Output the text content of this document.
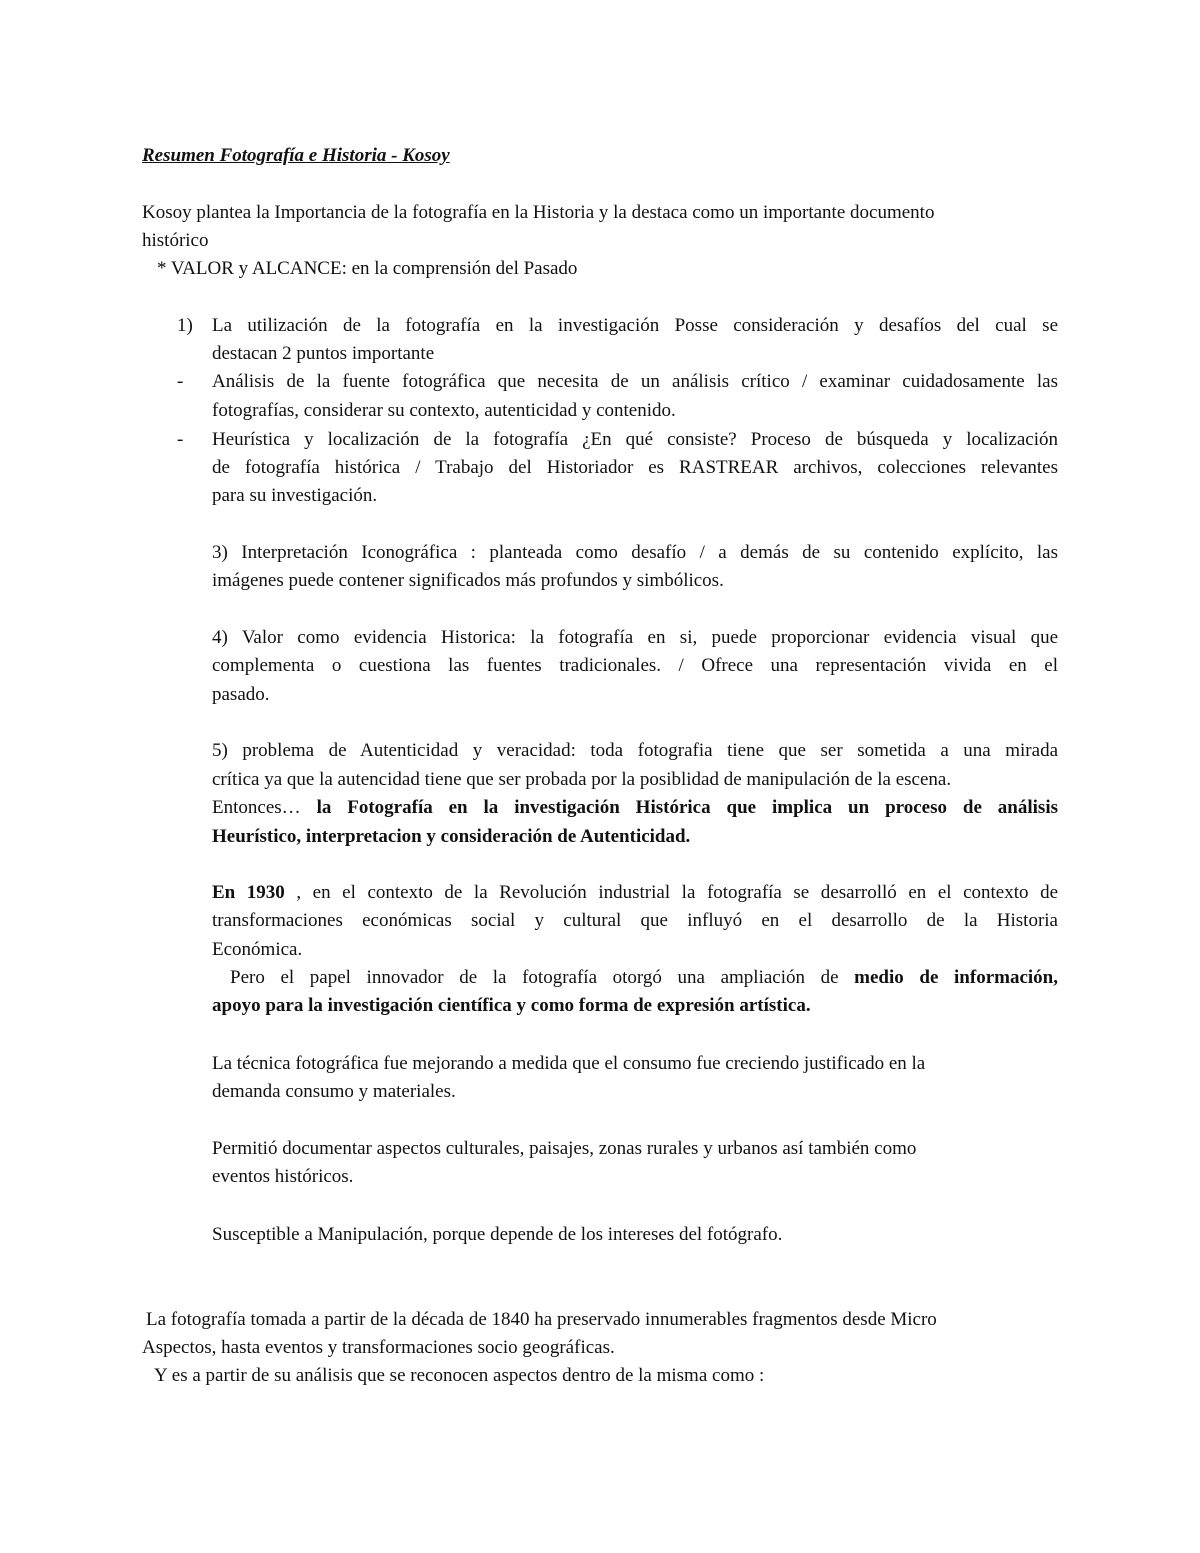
Resumen Fotografía e Historia - Kosoy
Kosoy plantea la Importancia de la fotografía en la Historia y la destaca como un importante documento
histórico
* VALOR y ALCANCE: en la comprensión del Pasado
1) La utilización de la fotografía en la investigación Posse consideración y desafíos del cual se
destacan 2 puntos importante
- Análisis de la fuente fotográfica que necesita de un análisis crítico / examinar cuidadosamente las
fotografías, considerar su contexto, autenticidad y contenido.
- Heurística y localización de la fotografía ¿En qué consiste? Proceso de búsqueda y localización
de fotografía histórica / Trabajo del Historiador es RASTREAR archivos, colecciones relevantes
para su investigación.
3) Interpretación Iconográfica : planteada como desafío / a demás de su contenido explícito, las
imágenes puede contener significados más profundos y simbólicos.
4) Valor como evidencia Historica: la fotografía en si, puede proporcionar evidencia visual que
complementa o cuestiona las fuentes tradicionales. / Ofrece una representación vivida en el
pasado.
5) problema de Autenticidad y veracidad: toda fotografia tiene que ser sometida a una mirada
crítica ya que la autencidad tiene que ser probada por la posiblidad de manipulación de la escena.
Entonces… la Fotografía en la investigación Histórica que implica un proceso de análisis
Heurístico, interpretacion y consideración de Autenticidad.
En 1930 , en el contexto de la Revolución industrial la fotografía se desarrolló en el contexto de
transformaciones económicas social y cultural que influyó en el desarrollo de la Historia
Económica.
Pero el papel innovador de la fotografía otorgó una ampliación de medio de información,
apoyo para la investigación científica y como forma de expresión artística.
La técnica fotográfica fue mejorando a medida que el consumo fue creciendo justificado en la
demanda consumo y materiales.
Permitió documentar aspectos culturales, paisajes, zonas rurales y urbanos así también como
eventos históricos.
Susceptible a Manipulación, porque depende de los intereses del fotógrafo.
La fotografía tomada a partir de la década de 1840 ha preservado innumerables fragmentos desde Micro
Aspectos, hasta eventos y transformaciones socio geográficas.
Y es a partir de su análisis que se reconocen aspectos dentro de la misma como :
